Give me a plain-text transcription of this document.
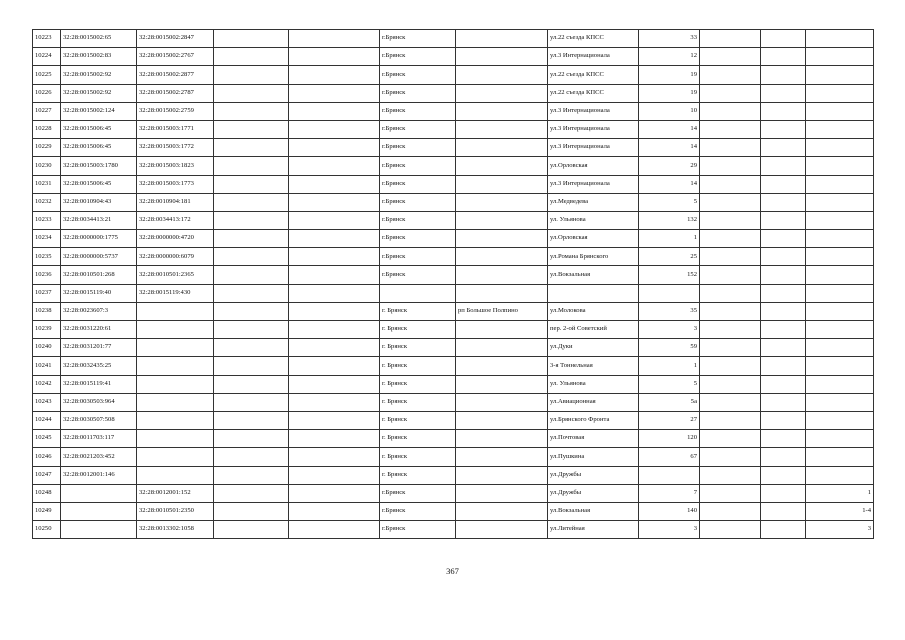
10223	32:28:0015002:65	32:28:0015002:2847			г.Брянск		ул.22 съезда КПСС	33			
10224	32:28:0015002:83	32:28:0015002:2767			г.Брянск		ул.3 Интернационала	12			
10225	32:28:0015002:92	32:28:0015002:2877			г.Брянск		ул.22 съезда КПСС	19			
10226	32:28:0015002:92	32:28:0015002:2787			г.Брянск		ул.22 съезда КПСС	19			
10227	32:28:0015002:124	32:28:0015002:2759			г.Брянск		ул.3 Интернационала	10			
10228	32:28:0015006:45	32:28:0015003:1771			г.Брянск		ул.3 Интернационала	14			
10229	32:28:0015006:45	32:28:0015003:1772			г.Брянск		ул.3 Интернационала	14			
10230	32:28:0015003:1780	32:28:0015003:1823			г.Брянск		ул.Орловская	29			
10231	32:28:0015006:45	32:28:0015003:1773			г.Брянск		ул.3 Интернационала	14			
10232	32:28:0010904:43	32:28:0010904:181			г.Брянск		ул.Медведева	5			
10233	32:28:0034413:21	32:28:0034413:172			г.Брянск		ул. Ульянова	132			
10234	32:28:0000000:1775	32:28:0000000:4720			г.Брянск		ул.Орловская	1			
10235	32:28:0000000:5737	32:28:0000000:6079			г.Брянск		ул.Романа Брянского	25			
10236	32:28:0010501:268	32:28:0010501:2365			г.Брянск		ул.Вокзальная	152			
10237	32:28:0015119:40	32:28:0015119:430									
10238	32:28:0023607:3				г. Брянск	рп Большое Полпино	ул.Молокова	35			
10239	32:28:0031220:61				г. Брянск		пер. 2-ой Советский	3			
10240	32:28:0031201:77				г. Брянск		ул.Дуки	59			
10241	32:28:0032435:25				г. Брянск		3-я Тоннельная	1			
10242	32:28:0015119:41				г. Брянск		ул. Ульянова	5			
10243	32:28:0030503:964				г. Брянск		ул.Авиационная	5а			
10244	32:28:0030507:508				г. Брянск		ул.Брянского Фронта	27			
10245	32:28:0011703:117				г. Брянск		ул.Почтовая	120			
10246	32:28:0021203:452				г. Брянск		ул.Пушкина	67			
10247	32:28:0012001:146				г. Брянск		ул.Дружбы				
10248		32:28:0012001:152			г.Брянск		ул.Дружбы	7			1
10249		32:28:0010501:2350			г.Брянск		ул.Вокзальная	140			1-4
10250		32:28:0013302:1058			г.Брянск		ул.Литейная	3			3
367
